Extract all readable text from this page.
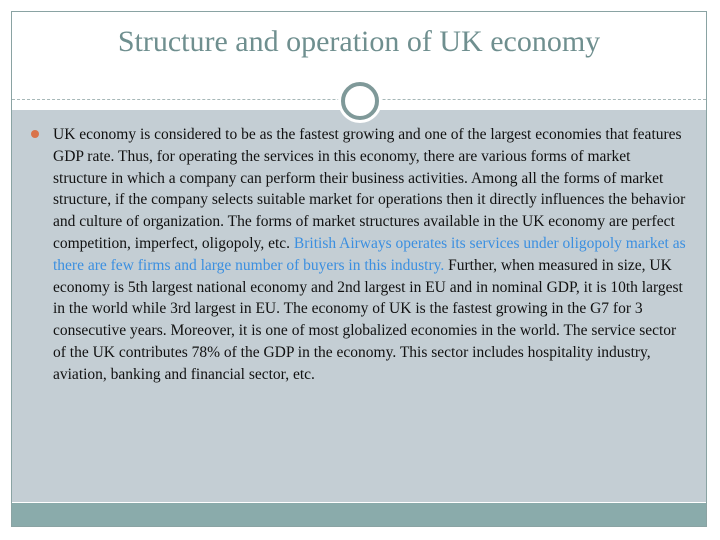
Structure and operation of UK economy

UK economy is considered to be as the fastest growing and one of the largest economies that features GDP rate. Thus, for operating the services in this economy, there are various forms of market structure in which a company can perform their business activities. Among all the forms of market structure, if the company selects suitable market for operations then it directly influences the behavior and culture of organization. The forms of market structures available in the UK economy are perfect competition, imperfect, oligopoly, etc. British Airways operates its services under oligopoly market as there are few firms and large number of buyers in this industry. Further, when measured in size, UK economy is 5th largest national economy and 2nd largest in EU and in nominal GDP, it is 10th largest in the world while 3rd largest in EU. The economy of UK is the fastest growing in the G7 for 3 consecutive years. Moreover, it is one of most globalized economies in the world. The service sector of the UK contributes 78% of the GDP in the economy. This sector includes hospitality industry, aviation, banking and financial sector, etc.
